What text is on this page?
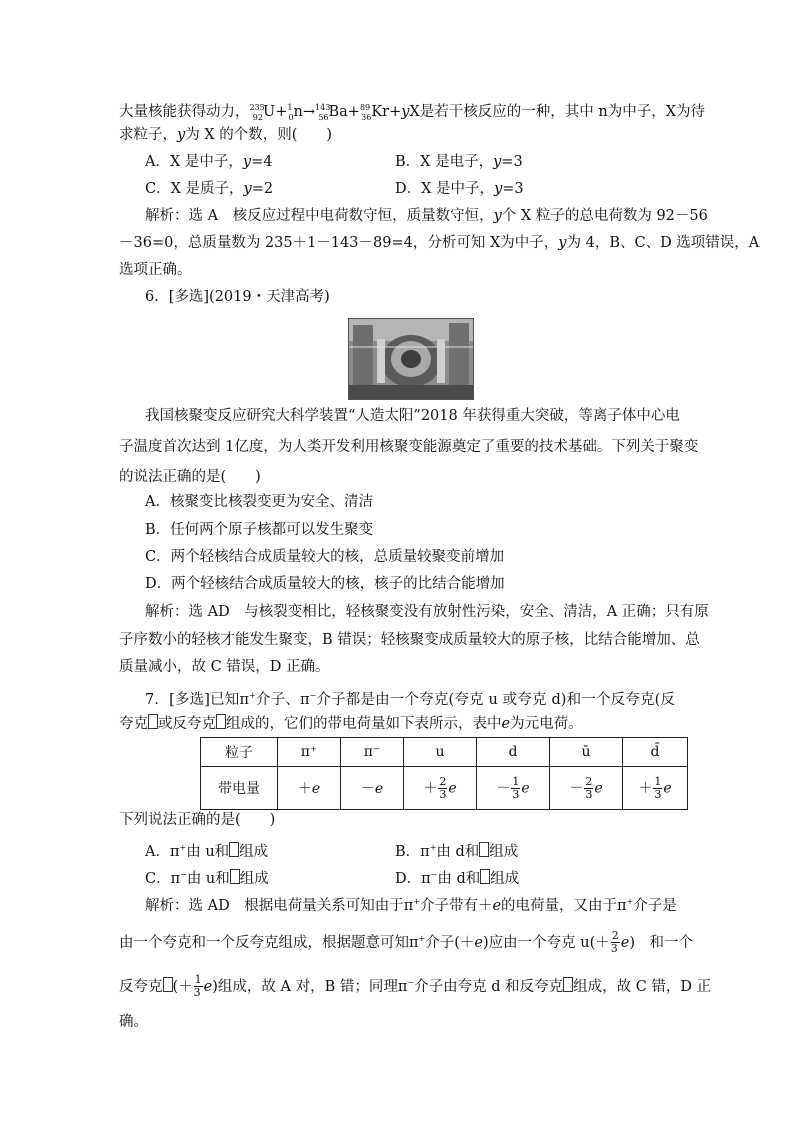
大量核能获得动力，$^{235}_{92}$U+$^1_0$n→$^{143}_{56}$Ba+$^{89}_{36}$Kr+yX是若干核反应的一种，其中 n为中子，X为待
求粒子，y为 X 的个数，则(　　)
A．X 是中子，y=4	B．X 是电子，y=3
C．X 是质子，y=2	D．X 是中子，y=3
解析：选 A　核反应过程中电荷数守恒，质量数守恒，y个 X 粒子的总电荷数为 92－56
－36=0，总质量数为 235＋1－143－89=4，分析可知 X为中子，y为 4，B、C、D 选项错误，A
选项正确。
6．[多选](2019・天津高考)
我国核聚变反应研究大科学装置“人造太阳”2018 年获得重大突破，等离子体中心电
子温度首次达到 1亿度，为人类开发利用核聚变能源奠定了重要的技术基础。下列关于聚变
的说法正确的是(　　)
A．核聚变比核裂变更为安全、清洁
B．任何两个原子核都可以发生聚变
C．两个轻核结合成质量较大的核，总质量较聚变前增加
D．两个轻核结合成质量较大的核，核子的比结合能增加
解析：选 AD　与核裂变相比，轻核聚变没有放射性污染，安全、清洁，A 正确；只有原
子序数小的轻核才能发生聚变，B 错误；轻核聚变成质量较大的原子核，比结合能增加、总
质量减小，故 C 错误，D 正确。
7．[多选]已知π+介子、π−介子都是由一个夸克(夸克 u 或夸克 d)和一个反夸克(反
夸克 或反夸克 组成的，它们的带电荷量如下表所示，表中e为元电荷。
粒子	π⁺	π⁻	u	d	ū	d̄
带电量	＋e	－e	＋ $\frac{2}{3}$ e	－ $\frac{1}{3}$ e	－ $\frac{2}{3}$ e	＋ $\frac{1}{3}$ e
下列说法正确的是(　　)
A．π+由 u和 组成	B．π+由 d和 组成
C．π−由 u和 组成	D．π−由 d和 组成
解析：选 AD　根据电荷量关系可知由于π+介子带有＋e的电荷量，又由于π+介子是
由一个夸克和一个反夸克组成，根据题意可知π+介子(＋e)应由一个夸克 $u(+ \frac{2}{3} e)$　和一个
反夸克 (＋ $\frac{1}{3} e$)组成，故 A 对，B 错；同理π−介子由夸克 d 和反夸克 组成，故 C 错，D 正
确。
